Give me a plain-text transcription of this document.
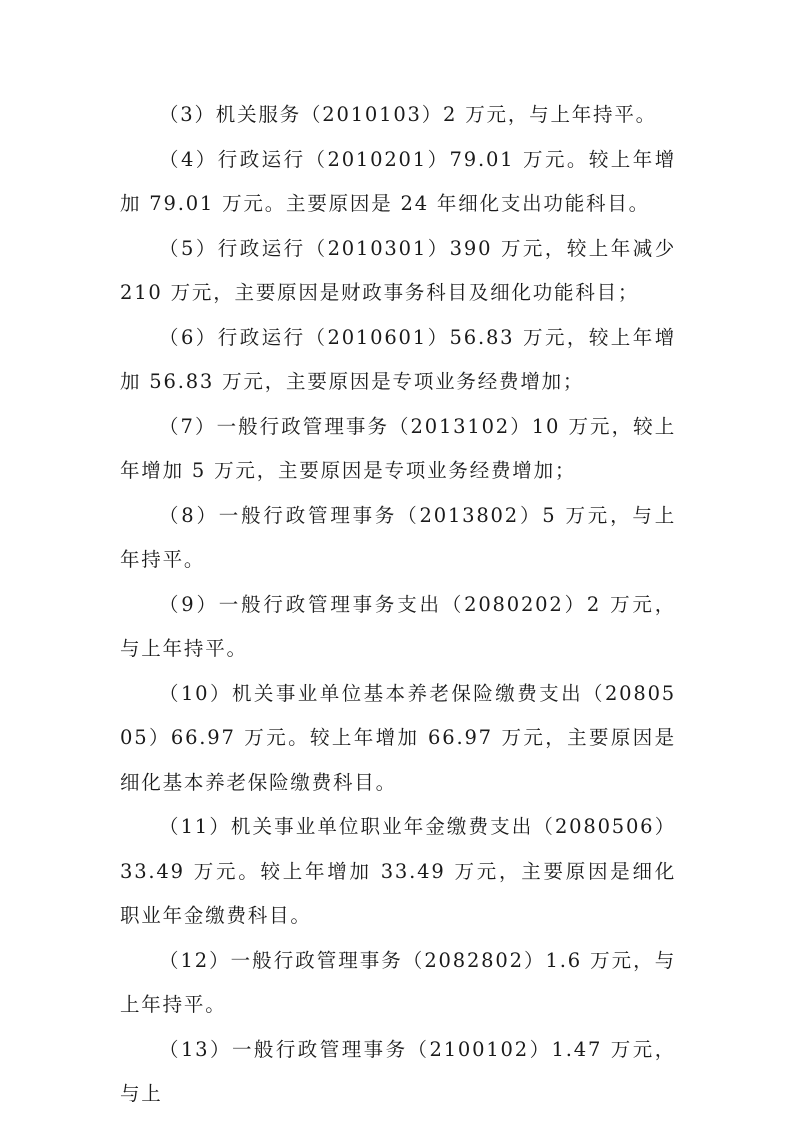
（3）机关服务（2010103）2 万元，与上年持平。

（4）行政运行（2010201）79.01 万元。较上年增加 79.01 万元。主要原因是 24 年细化支出功能科目。

（5）行政运行（2010301）390 万元，较上年减少 210 万元，主要原因是财政事务科目及细化功能科目；

（6）行政运行（2010601）56.83 万元，较上年增加 56.83 万元，主要原因是专项业务经费增加；

（7）一般行政管理事务（2013102）10 万元，较上年增加 5 万元，主要原因是专项业务经费增加；

（8）一般行政管理事务（2013802）5 万元，与上年持平。

（9）一般行政管理事务支出（2080202）2 万元，与上年持平。

（10）机关事业单位基本养老保险缴费支出（2080505）66.97 万元。较上年增加 66.97 万元，主要原因是细化基本养老保险缴费科目。

（11）机关事业单位职业年金缴费支出（2080506）33.49 万元。较上年增加 33.49 万元，主要原因是细化职业年金缴费科目。

（12）一般行政管理事务（2082802）1.6 万元，与上年持平。

（13）一般行政管理事务（2100102）1.47 万元，与上
